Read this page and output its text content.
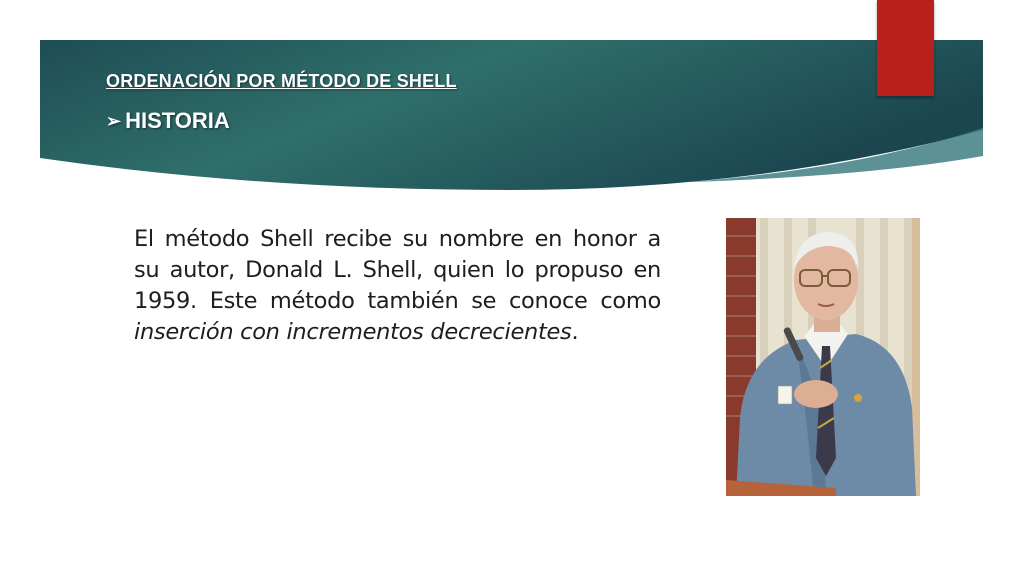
ORDENACIÓN POR MÉTODO DE SHELL
➢ HISTORIA
El método Shell recibe su nombre en honor a su autor, Donald L. Shell, quien lo propuso en 1959. Este método también se conoce como inserción con incrementos decrecientes.
